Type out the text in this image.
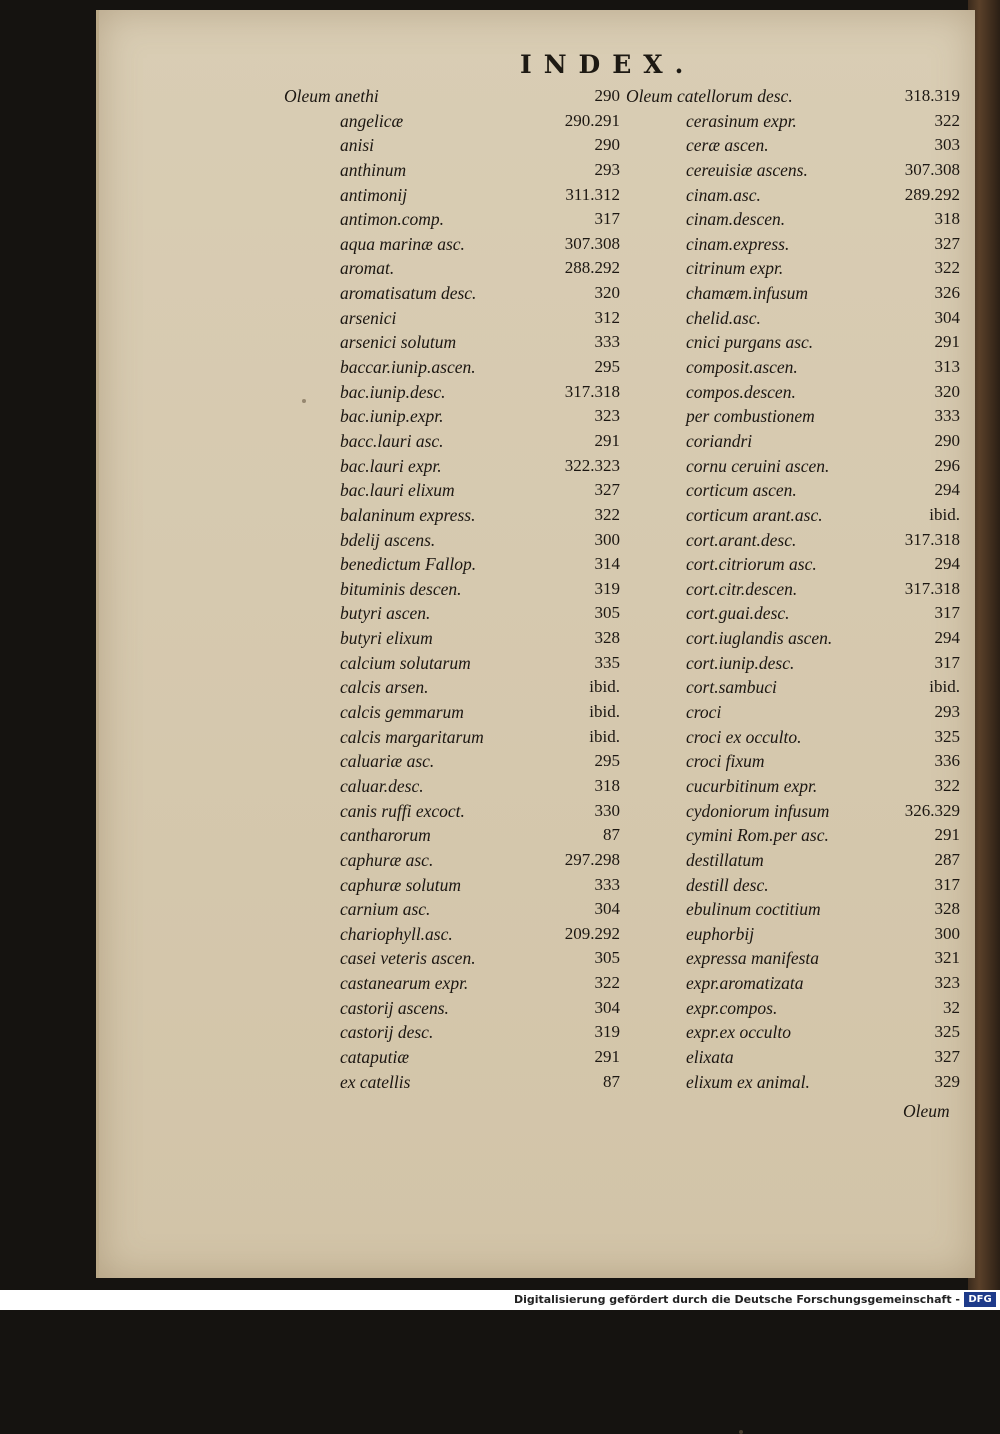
INDEX.
Oleum anethi	290
angelicæ	290.291
anisi	290
anthinum	293
antimonij	311.312
antimon.comp.	317
aqua marinæ asc.	307.308
aromat.	288.292
aromatisatum desc.	320
arsenici	312
arsenici solutum	333
baccar.iunip.ascen.	295
bac.iunip.desc.	317.318
bac.iunip.expr.	323
bacc.lauri asc.	291
bac.lauri expr.	322.323
bac.lauri elixum	327
balaninum express.	322
bdelij ascens.	300
benedictum Fallop.	314
bituminis descen.	319
butyri ascen.	305
butyri elixum	328
calcium solutarum	335
calcis arsen.	ibid.
calcis gemmarum	ibid.
calcis margaritarum	ibid.
caluariæ asc.	295
caluar.desc.	318
canis ruffi excoct.	330
cantharorum	87
caphuræ asc.	297.298
caphuræ solutum	333
carnium asc.	304
chariophyll.asc.	209.292
casei veteris ascen.	305
castanearum expr.	322
castorij ascens.	304
castorij desc.	319
cataputiæ	291
ex catellis	87
Oleum catellorum desc.	318.319
cerasinum expr.	322
ceræ ascen.	303
cereuisiæ ascens.	307.308
cinam.asc.	289.292
cinam.descen.	318
cinam.express.	327
citrinum expr.	322
chamæm.infusum	326
chelid.asc.	304
cnici purgans asc.	291
composit.ascen.	313
compos.descen.	320
per combustionem	333
coriandri	290
cornu ceruini ascen.	296
corticum ascen.	294
corticum arant.asc.	ibid.
cort.arant.desc.	317.318
cort.citriorum asc.	294
cort.citr.descen.	317.318
cort.guai.desc.	317
cort.iuglandis ascen.	294
cort.iunip.desc.	317
cort.sambuci	ibid.
croci	293
croci ex occulto.	325
croci fixum	336
cucurbitinum expr.	322
cydoniorum infusum	326.329
cymini Rom.per asc.	291
destillatum	287
destill desc.	317
ebulinum coctitium	328
euphorbij	300
expressa manifesta	321
expr.aromatizata	323
expr.compos.	32
expr.ex occulto	325
elixata	327
elixum ex animal.	329
Oleum
Digitalisierung gefördert durch die Deutsche Forschungsgemeinschaft - DFG
